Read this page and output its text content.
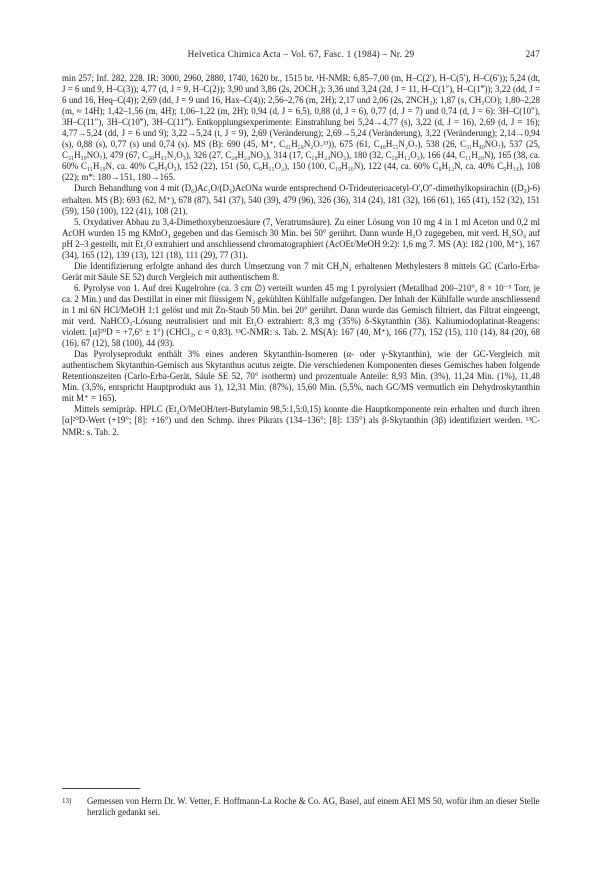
Helvetica Chimica Acta – Vol. 67, Fasc. 1 (1984) – Nr. 29	247

min 257; Inf. 282, 228. IR: 3000, 2960, 2880, 1740, 1620 br., 1515 br. ¹H-NMR: 6,85–7,00 (m, H–C(2′), H–C(5′), H–C(6′)); 5,24 (dt, J = 6 und 9, H–C(3)); 4,77 (d, J = 9, H–C(2)); 3,90 und 3,86 (2s, 2OCH₃); 3,36 und 3,24 (2d, J = 11, H–C(1″), H–C(1‴)); 3,22 (dd, J = 6 und 16, Heq–C(4)); 2,69 (dd, J = 9 und 16, Hax–C(4)); 2,56–2,76 (m, 2H); 2,17 und 2,06 (2s, 2NCH₃); 1,87 (s, CH₃CO); 1,80–2,28 (m, ≈ 14H); 1,42–1,56 (m, 4H); 1,06–1,22 (m, 2H); 0,94 (d, J = 6,5), 0,88 (d, J = 6), 0,77 (d, J = 7) und 0,74 (d, J = 6): 3H–C(10″), 3H–C(11″), 3H–C(10‴), 3H–C(11‴). Entkopplungsexperimente: Einstrahlung bei 5,24→4,77 (s), 3,22 (d, J = 16), 2,69 (d, J = 16); 4,77→5,24 (dd, J = 6 und 9); 3,22→5,24 (t, J = 9), 2,69 (Veränderung); 2,69→5,24 (Veränderung), 3,22 (Veränderung); 2,14→0,94 (s), 0,88 (s), 0,77 (s) und 0,74 (s). MS (B): 690 (45, M⁺, C₄₁H₅₈N₂O₇¹³)), 675 (61, C₄₀H₅₅N₂O₇), 538 (26, C₃₁H₄₀NO₇), 537 (25, C₃₁H₃₉NO₇), 479 (67, C₃₀H₄₃N₂O₃), 326 (27, C₂₀H₂₄NO₃), 314 (17, C₁₉H₂₄NO₃), 180 (32, C₁₀H₁₂O₃), 166 (44, C₁₁H₂₀N), 165 (38, ca. 60% C₁₁H₁₉N, ca. 40% C₉H₉O₃), 152 (22), 151 (50, C₉H₁₁O₂), 150 (100, C₁₀H₁₆N), 122 (44, ca. 60% C₈H₁₂N, ca. 40% C₉H₁₄), 108 (22); m*: 180→151, 180→165.

Durch Behandlung von 4 mit (D₆)Ac₂O/(D₃)AcONa wurde entsprechend O-Trideuterioacetyl-O′,O″-dimethylkopsirachin ((D₃)-6) erhalten. MS (B): 693 (62, M⁺), 678 (87), 541 (37), 540 (39), 479 (96), 326 (36), 314 (24), 181 (32), 166 (61), 165 (41), 152 (32), 151 (59), 150 (100), 122 (41), 108 (21).

5. Oxydativer Abbau zu 3,4-Dimethoxybenzoesäure (7, Veratrumsäure). Zu einer Lösung von 10 mg 4 in 1 ml Aceton und 0,2 ml AcOH wurden 15 mg KMnO₄ gegeben und das Gemisch 30 Min. bei 50° gerührt. Dann wurde H₂O zugegeben, mit verd. H₂SO₄ auf pH 2–3 gestellt, mit Et₂O extrahiert und anschliessend chromatographiert (AcOEt/MeOH 9:2): 1,6 mg 7. MS (A): 182 (100, M⁺), 167 (34), 165 (12), 139 (13), 121 (18), 111 (29), 77 (31).

Die Identifizierung erfolgte anhand des durch Umsetzung von 7 mit CH₂N₂ erhaltenen Methylesters 8 mittels GC (Carlo-Erba-Gerät mit Säule SE 52) durch Vergleich mit authentischem 8.

6. Pyrolyse von 1. Auf drei Kugelrohre (ca. 3 cm ∅) verteilt wurden 45 mg 1 pyrolysiert (Metallbad 200–210°, 8 × 10⁻⁵ Torr, je ca. 2 Min.) und das Destillat in einer mit flüssigem N₂ gekühlten Kühlfalle aufgefangen. Der Inhalt der Kühlfalle wurde anschliessend in 1 ml 6N HCl/MeOH 1:1 gelöst und mit Zn-Staub 50 Min. bei 20° gerührt. Dann wurde das Gemisch filtriert, das Filtrat eingeengt, mit verd. NaHCO₃-Lösung neutralisiert und mit Et₂O extrahiert: 8,3 mg (35%) δ-Skytanthin (3δ). Kaliumiodoplatinat-Reagens: violett. [α]²⁰D = +7,6° ± 1°) (CHCl₃, c = 0,83). ¹³C-NMR: s. Tab. 2. MS(A): 167 (40, M⁺), 166 (77), 152 (15), 110 (14), 84 (20), 68 (16), 67 (12), 58 (100), 44 (93).

Das Pyrolyseprodukt enthält 3% eines anderen Skytanthin-Isomeren (α- oder γ-Skytanthin), wie der GC-Vergleich mit authentischem Skytanthin-Gemisch aus Skytanthus acutus zeigte. Die verschiedenen Komponenten dieses Gemisches haben folgende Retentionszeiten (Carlo-Erba-Gerät, Säule SE 52, 70° isotherm) und prozentuale Anteile: 8,93 Min. (3%), 11,24 Min. (1%), 11,48 Min. (3,5%, entspricht Hauptprodukt aus 1), 12,31 Min. (87%), 15,60 Min. (5,5%, nach GC/MS vermutlich ein Dehydroskytanthin mit M⁺ = 165).

Mittels semipräp. HPLC (Et₂O/MeOH/tert-Butylamin 98,5:1,5:0,15) konnte die Hauptkomponente rein erhalten und durch ihren [α]²⁰D-Wert (+19°; [8]: +16°) und den Schmp. ihres Pikrats (134–136°; [8]: 135°) als β-Skytanthin (3β) identifiziert werden. ¹³C-NMR: s. Tab. 2.

13)	Gemessen von Herrn Dr. W. Vetter, F. Hoffmann-La Roche & Co. AG, Basel, auf einem AEI MS 50, wofür ihm an dieser Stelle herzlich gedankt sei.
